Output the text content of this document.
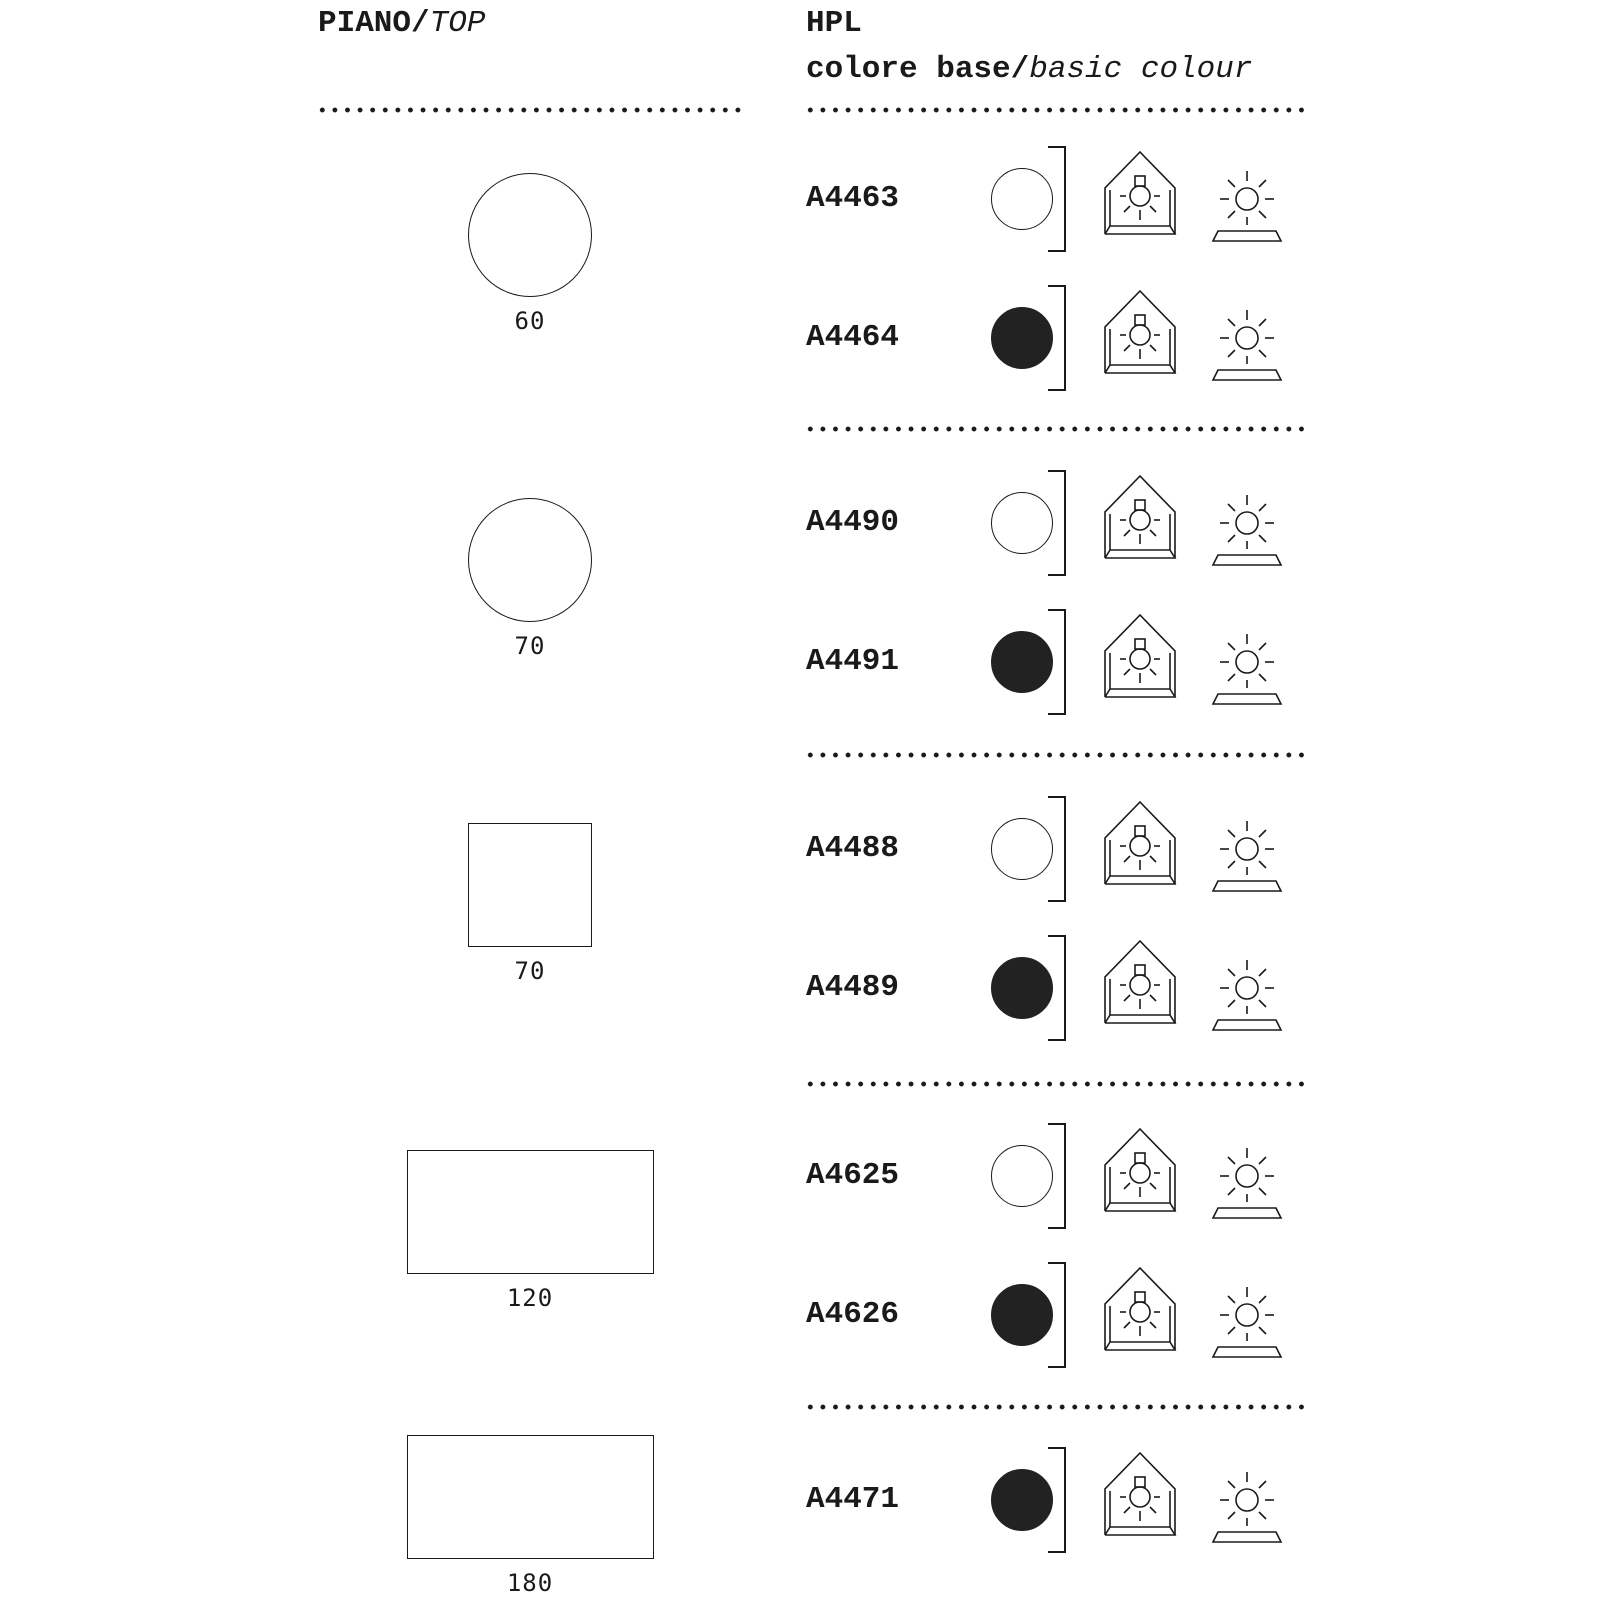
PIANO/TOP	HPL
colore base/basic colour
60
70
70
120
180
A4463
A4464
A4490
A4491
A4488
A4489
A4625
A4626
A4471
